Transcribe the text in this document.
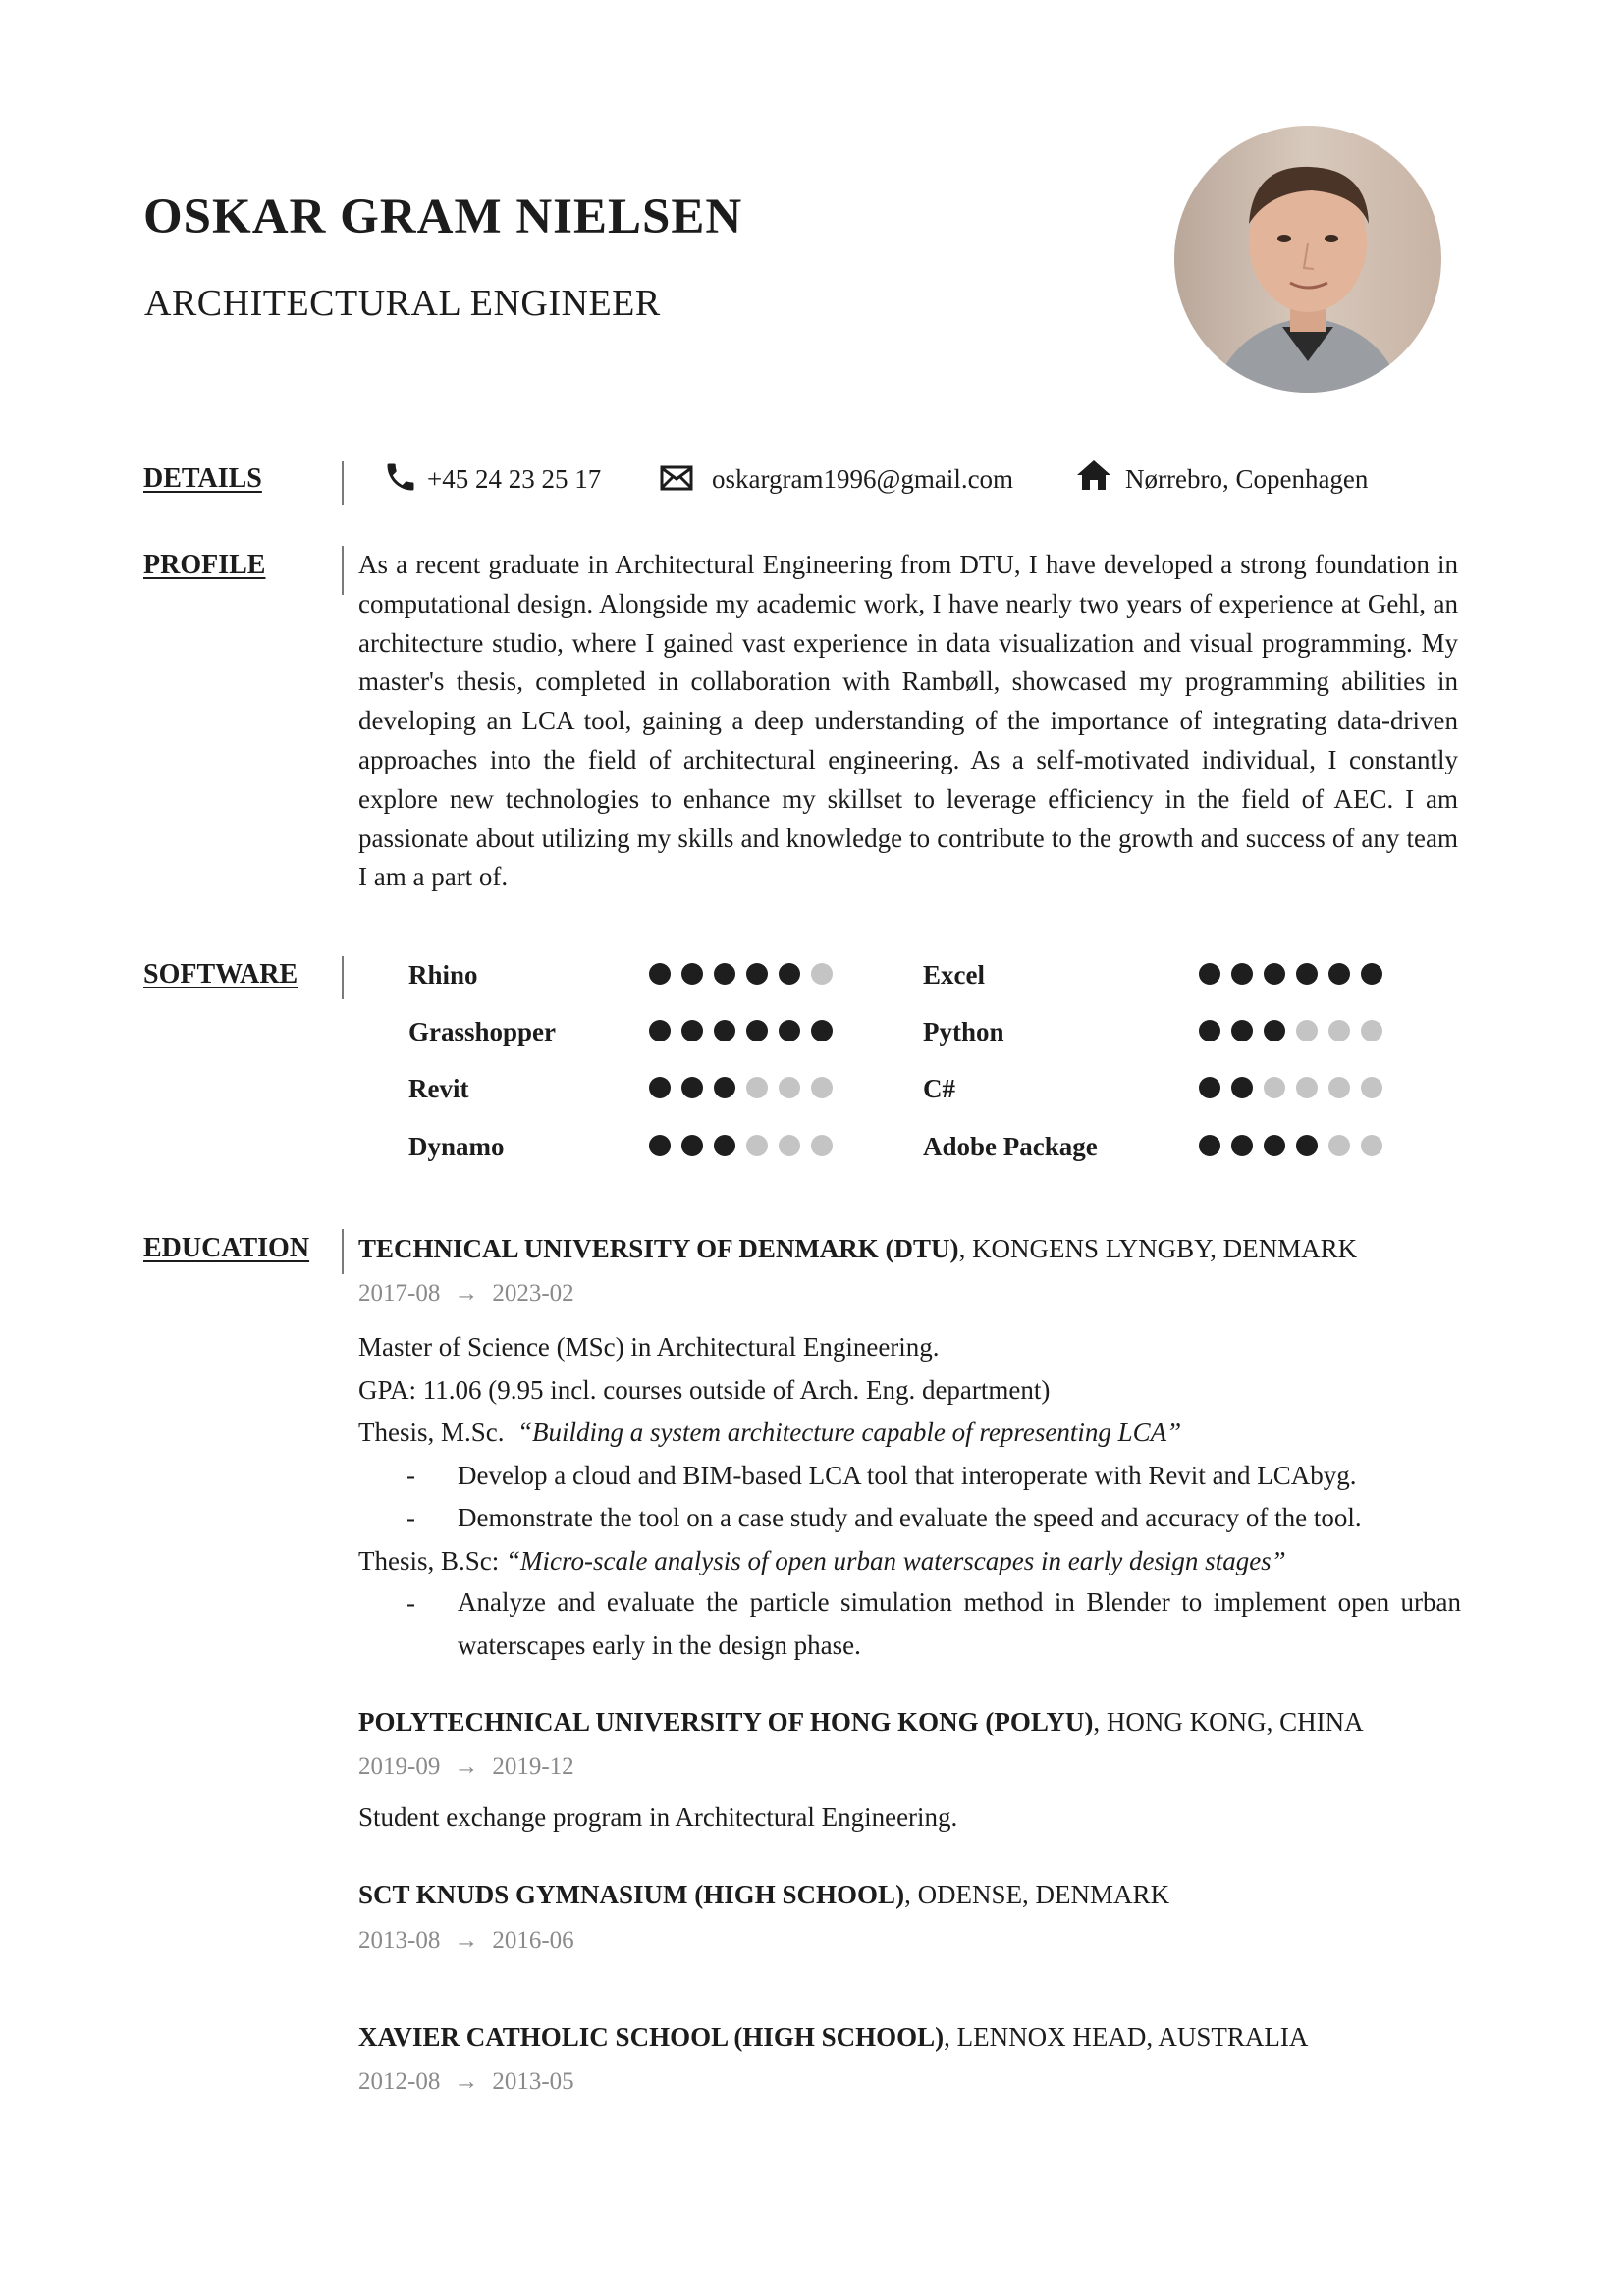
OSKAR GRAM NIELSEN
ARCHITECTURAL ENGINEER
DETAILS	+45 24 23 25 17	oskargram1996@gmail.com	Nørrebro, Copenhagen
PROFILE	As a recent graduate in Architectural Engineering from DTU, I have developed a strong foundation in computational design. Alongside my academic work, I have nearly two years of experience at Gehl, an architecture studio, where I gained vast experience in data visualization and visual programming. My master's thesis, completed in collaboration with Rambøll, showcased my programming abilities in developing an LCA tool, gaining a deep understanding of the importance of integrating data-driven approaches into the field of architectural engineering. As a self-motivated individual, I constantly explore new technologies to enhance my skillset to leverage efficiency in the field of AEC. I am passionate about utilizing my skills and knowledge to contribute to the growth and success of any team I am a part of.
SOFTWARE	Rhino	Excel
Grasshopper	Python
Revit	C#
Dynamo	Adobe Package
EDUCATION TECHNICAL UNIVERSITY OF DENMARK (DTU), KONGENS LYNGBY, DENMARK
2017-08 → 2023-02
Master of Science (MSc) in Architectural Engineering.
GPA: 11.06 (9.95 incl. courses outside of Arch. Eng. department)
Thesis, M.Sc. “Building a system architecture capable of representing LCA”
- Develop a cloud and BIM-based LCA tool that interoperate with Revit and LCAbyg.
- Demonstrate the tool on a case study and evaluate the speed and accuracy of the tool.
Thesis, B.Sc: “Micro-scale analysis of open urban waterscapes in early design stages”
- Analyze and evaluate the particle simulation method in Blender to implement open urban waterscapes early in the design phase.
POLYTECHNICAL UNIVERSITY OF HONG KONG (POLYU), HONG KONG, CHINA
2019-09 → 2019-12
Student exchange program in Architectural Engineering.
SCT KNUDS GYMNASIUM (HIGH SCHOOL), ODENSE, DENMARK
2013-08 → 2016-06
XAVIER CATHOLIC SCHOOL (HIGH SCHOOL), LENNOX HEAD, AUSTRALIA
2012-08 → 2013-05
